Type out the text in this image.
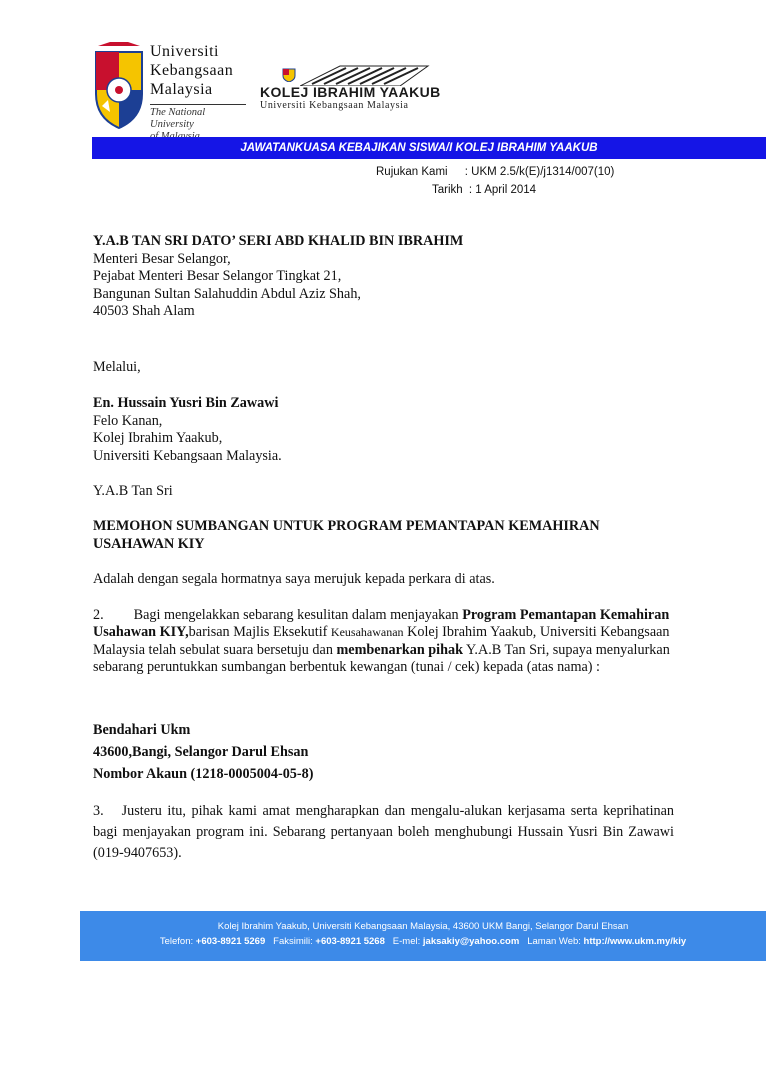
Universiti
Kebangsaan
Malaysia
The National University
KOLEJ IBRAHIM YAAKUB
Universiti Kebangsaan Malaysia
JAWATANKUASA KEBAJIKAN SISWA/I KOLEJ IBRAHIM YAAKUB
Rujukan Kami : UKM 2.5/k(E)/j1314/007(10)
Tarikh : 1 April 2014
Y.A.B TAN SRI DATO’ SERI ABD KHALID BIN IBRAHIM
Menteri Besar Selangor,
Pejabat Menteri Besar Selangor Tingkat 21,
Bangunan Sultan Salahuddin Abdul Aziz Shah,
40503 Shah Alam
Melalui,
En. Hussain Yusri Bin Zawawi
Felo Kanan,
Kolej Ibrahim Yaakub,
Universiti Kebangsaan Malaysia.
Y.A.B Tan Sri
MEMOHON SUMBANGAN UNTUK PROGRAM PEMANTAPAN KEMAHIRAN
USAHAWAN KIY
Adalah dengan segala hormatnya saya merujuk kepada perkara di atas.
2. Bagi mengelakkan sebarang kesulitan dalam menjayakan Program Pemantapan Kemahiran Usahawan KIY,barisan Majlis Eksekutif Keusahawanan Kolej Ibrahim Yaakub, Universiti Kebangsaan Malaysia telah sebulat suara bersetuju dan membenarkan pihak Y.A.B Tan Sri, supaya menyalurkan sebarang peruntukkan sumbangan berbentuk kewangan (tunai / cek) kepada (atas nama) :
Bendahari Ukm
43600,Bangi, Selangor Darul Ehsan
Nombor Akaun (1218-0005004-05-8)
3. Justeru itu, pihak kami amat mengharapkan dan mengalu-alukan kerjasama serta keprihatinan bagi menjayakan program ini. Sebarang pertanyaan boleh menghubungi Hussain Yusri Bin Zawawi (019-9407653).
Kolej Ibrahim Yaakub, Universiti Kebangsaan Malaysia, 43600 UKM Bangi, Selangor Darul Ehsan
Telefon: +603-8921 5269 Faksimili: +603-8921 5268 E-mel: jaksakiy@yahoo.com Laman Web: http://www.ukm.my/kiy
